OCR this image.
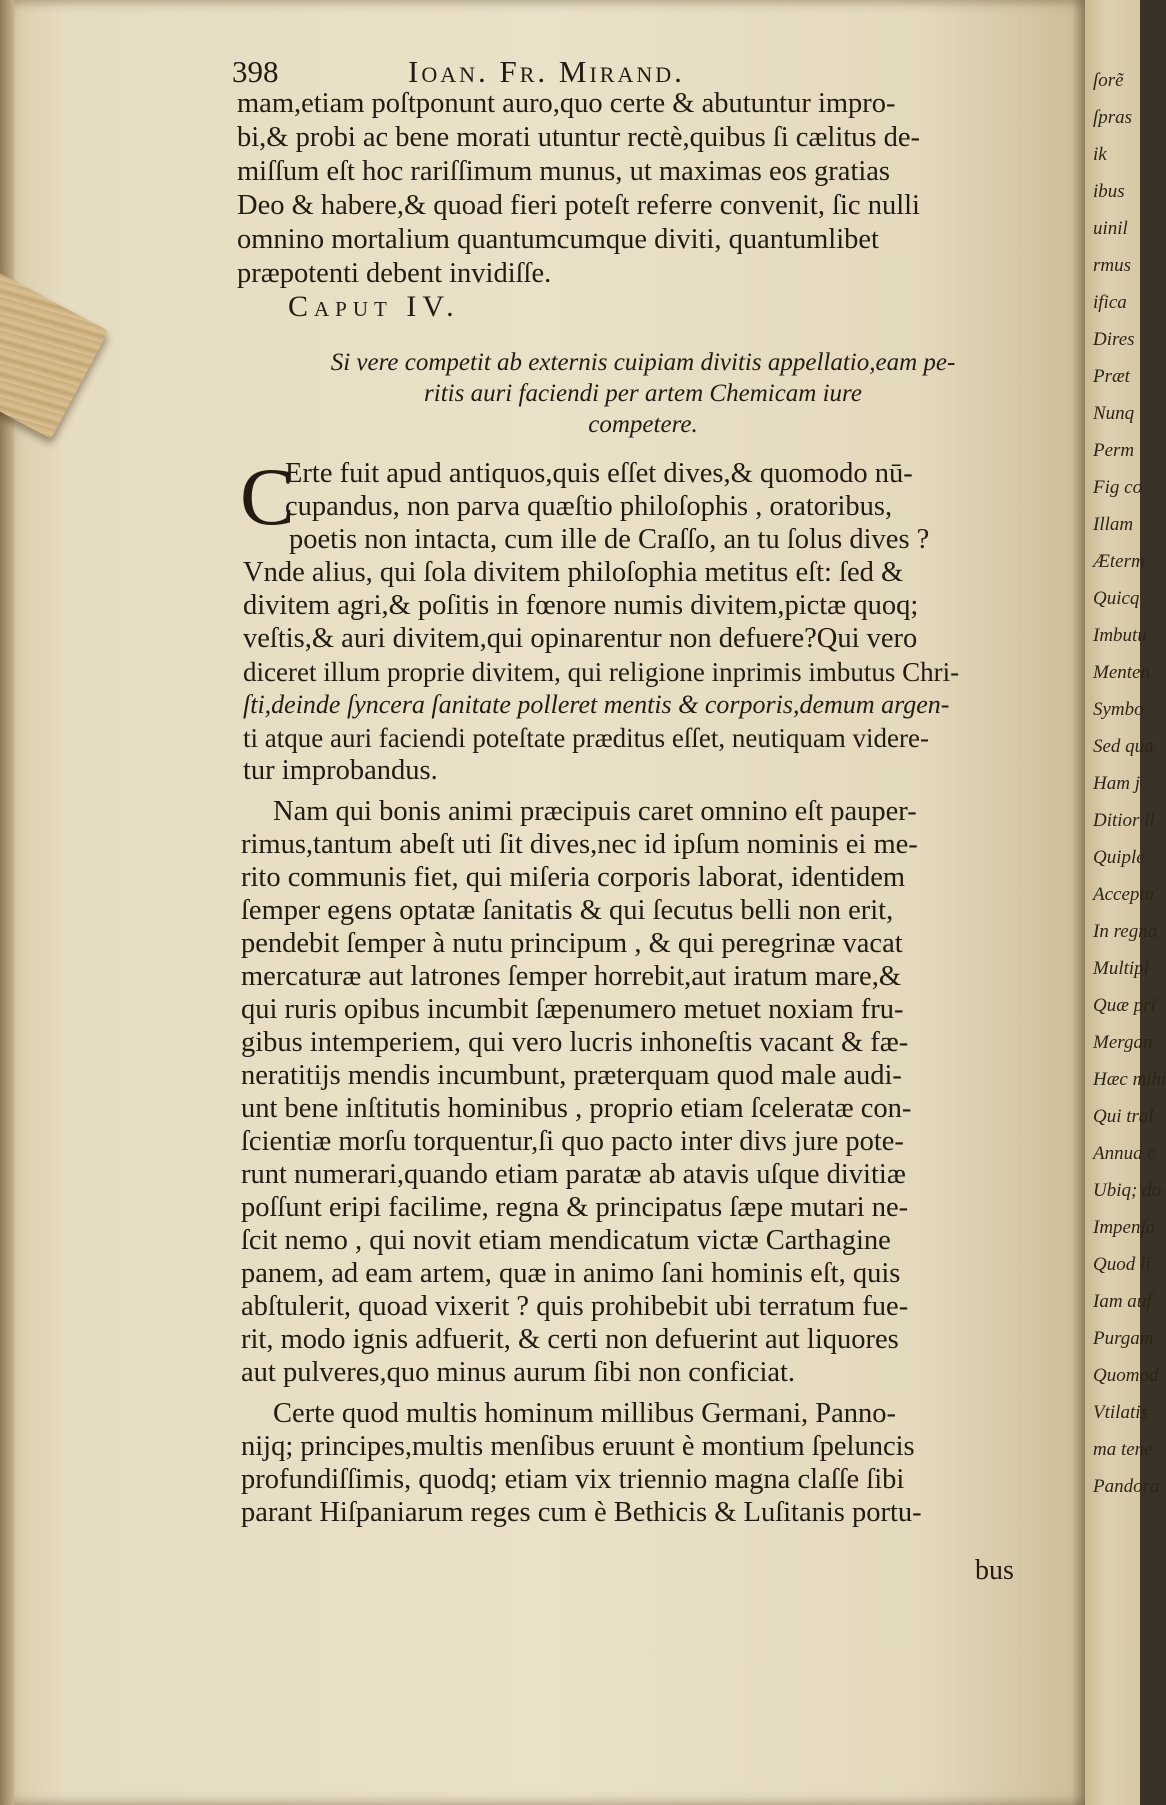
398	Ioan. Fr. Mirand.
mam,etiam poſtponunt auro,quo certe & abutuntur impro-
bi,& probi ac bene morati utuntur rectè,quibus ſi cælitus de-
miſſum eſt hoc rariſſimum munus, ut maximas eos gratias
Deo & habere,& quoad fieri poteſt referre convenit, ſic nulli
omnino mortalium quantumcumque diviti, quantumlibet
præpotenti debent invidiſſe.
Caput IV.
Si vere competit ab externis cuipiam divitis appellatio,eam pe-
ritis auri faciendi per artem Chemicam iure
competere.
C
Erte fuit apud antiquos,quis eſſet dives,& quomodo nū-
cupandus, non parva quæſtio philoſophis , oratoribus,
poetis non intacta, cum ille de Craſſo, an tu ſolus dives ?
Vnde alius, qui ſola divitem philoſophia metitus eſt: ſed &
divitem agri,& poſitis in fœnore numis divitem,pictæ quoq;
veſtis,& auri divitem,qui opinarentur non defuere?Qui vero
diceret illum proprie divitem, qui religione inprimis imbutus Chri-
ſti,deinde ſyncera ſanitate polleret mentis & corporis,demum argen-
ti atque auri faciendi poteſtate præditus eſſet, neutiquam videre-
tur improbandus.
Nam qui bonis animi præcipuis caret omnino eſt pauper-
rimus,tantum abeſt uti ſit dives,nec id ipſum nominis ei me-
rito communis fiet, qui miſeria corporis laborat, identidem
ſemper egens optatæ ſanitatis & qui ſecutus belli non erit,
pendebit ſemper à nutu principum , & qui peregrinæ vacat
mercaturæ aut latrones ſemper horrebit,aut iratum mare,&
qui ruris opibus incumbit ſæpenumero metuet noxiam fru-
gibus intemperiem, qui vero lucris inhoneſtis vacant & fæ-
neratitijs mendis incumbunt, præterquam quod male audi-
unt bene inſtitutis hominibus , proprio etiam ſceleratæ con-
ſcientiæ morſu torquentur,ſi quo pacto inter divs jure pote-
runt numerari,quando etiam paratæ ab atavis uſque divitiæ
poſſunt eripi facilime, regna & principatus ſæpe mutari ne-
ſcit nemo , qui novit etiam mendicatum victæ Carthagine
panem, ad eam artem, quæ in animo ſani hominis eſt, quis
abſtulerit, quoad vixerit ? quis prohibebit ubi terratum fue-
rit, modo ignis adfuerit, & certi non defuerint aut liquores
aut pulveres,quo minus aurum ſibi non conficiat.
Certe quod multis hominum millibus Germani, Panno-
nijq; principes,multis menſibus eruunt è montium ſpeluncis
profundiſſimis, quodq; etiam vix triennio magna claſſe ſibi
parant Hiſpaniarum reges cum è Bethicis & Luſitanis portu-
bus
ſorẽ
ſpras
ik
ibus
uinil
rmus
ifica
Dires
Præt
Nunq
Perm
Fig co
Illam
Æterm
Quicq
Imbutu
Menten
Symbo
Sed qua
Ham j
Ditior il
Quiple
Acceptu
In regna
Multipl
Quæ pri
Mergan
Hæc mihi
Qui tral
Annua c
Ubiq; do
Impenſa
Quod li
Iam auf
Purgam
Quomod
Vtilatis
ma tene
Pandora
